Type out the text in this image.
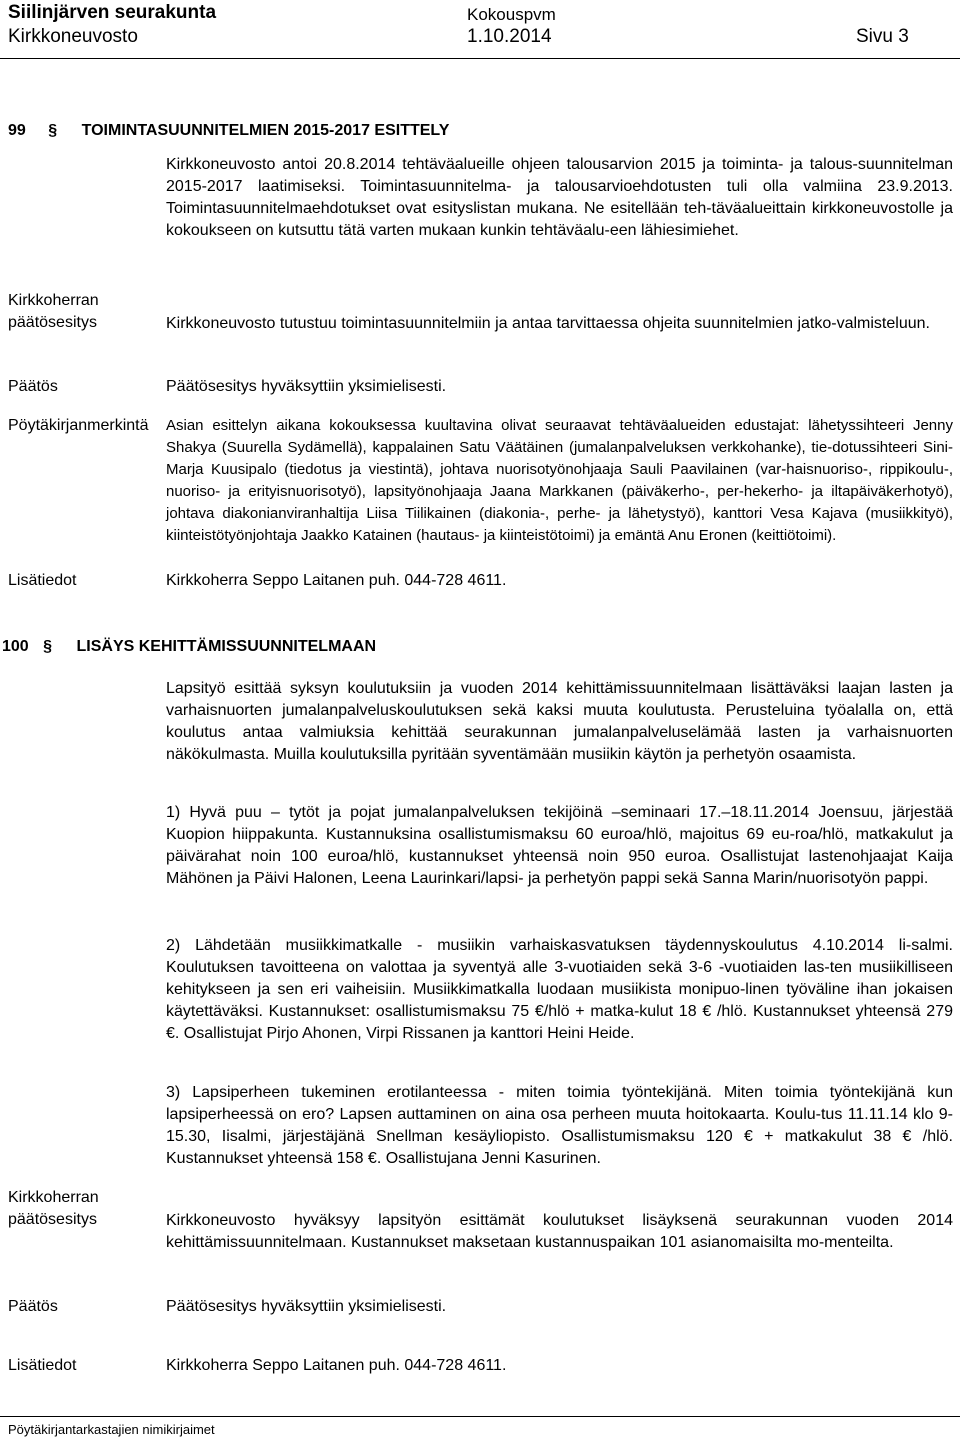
Siilinjärven seurakunta
Kirkkoneuvosto
Kokouspvm
1.10.2014	Sivu 3
99 § TOIMINTASUUNNITELMIEN 2015-2017 ESITTELY
Kirkkoneuvosto antoi 20.8.2014 tehtäväalueille ohjeen talousarvion 2015 ja toiminta- ja talous-suunnitelman 2015-2017 laatimiseksi. Toimintasuunnitelma- ja talousarvioehdotusten tuli olla valmiina 23.9.2013. Toimintasuunnitelmaehdotukset ovat esityslistan mukana. Ne esitellään teh-täväalueittain kirkkoneuvostolle ja kokoukseen on kutsuttu tätä varten mukaan kunkin tehtäväalu-een lähiesimiehet.
Kirkkoherran
päätösesitys	Kirkkoneuvosto tutustuu toimintasuunnitelmiin ja antaa tarvittaessa ohjeita suunnitelmien jatko-valmisteluun.
Päätös	Päätösesitys hyväksyttiin yksimielisesti.
Pöytäkirjanmerkintä Asian esittelyn aikana kokouksessa kuultavina olivat seuraavat tehtäväalueiden edustajat: lähetyssihteeri Jenny Shakya (Suurella Sydämellä), kappalainen Satu Väätäinen (jumalanpalveluksen verkkohanke), tie-dotussihteeri Sini-Marja Kuusipalo (tiedotus ja viestintä), johtava nuorisotyönohjaaja Sauli Paavilainen (var-haisnuoriso-, rippikoulu-, nuoriso- ja erityisnuorisotyö), lapsityönohjaaja Jaana Markkanen (päiväkerho-, per-hekerho- ja iltapäiväkerhotyö), johtava diakonianviranhaltija Liisa Tiilikainen (diakonia-, perhe- ja lähetystyö), kanttori Vesa Kajava (musiikkityö), kiinteistötyönjohtaja Jaakko Katainen (hautaus- ja kiinteistötoimi) ja emäntä Anu Eronen (keittiötoimi).
Lisätiedot	Kirkkoherra Seppo Laitanen puh. 044-728 4611.
100 § LISÄYS KEHITTÄMISSUUNNITELMAAN
Lapsityö esittää syksyn koulutuksiin ja vuoden 2014 kehittämissuunnitelmaan lisättäväksi laajan lasten ja varhaisnuorten jumalanpalveluskoulutuksen sekä kaksi muuta koulutusta. Perusteluina työalalla on, että koulutus antaa valmiuksia kehittää seurakunnan jumalanpalveluselämää lasten ja varhaisnuorten näkökulmasta. Muilla koulutuksilla pyritään syventämään musiikin käytön ja perhetyön osaamista.
1) Hyvä puu – tytöt ja pojat jumalanpalveluksen tekijöinä –seminaari 17.–18.11.2014 Joensuu, järjestää Kuopion hiippakunta. Kustannuksina osallistumismaksu 60 euroa/hlö, majoitus 69 eu-roa/hlö, matkakulut ja päivärahat noin 100 euroa/hlö, kustannukset yhteensä noin 950 euroa. Osallistujat lastenohjaajat Kaija Mähönen ja Päivi Halonen, Leena Laurinkari/lapsi- ja perhetyön pappi sekä Sanna Marin/nuorisotyön pappi.
2) Lähdetään musiikkimatkalle - musiikin varhaiskasvatuksen täydennyskoulutus 4.10.2014 li-salmi. Koulutuksen tavoitteena on valottaa ja syventyä alle 3-vuotiaiden sekä 3-6 -vuotiaiden las-ten musiikilliseen kehitykseen ja sen eri vaiheisiin. Musiikkimatkalla luodaan musiikista monipuo-linen työväline ihan jokaisen käytettäväksi. Kustannukset: osallistumismaksu 75 €/hlö + matka-kulut 18 € /hlö. Kustannukset yhteensä 279 €. Osallistujat Pirjo Ahonen, Virpi Rissanen ja kanttori Heini Heide.
3) Lapsiperheen tukeminen erotilanteessa - miten toimia työntekijänä. Miten toimia työntekijänä kun lapsiperheessä on ero? Lapsen auttaminen on aina osa perheen muuta hoitokaarta. Koulu-tus 11.11.14 klo 9-15.30, Iisalmi, järjestäjänä Snellman kesäyliopisto. Osallistumismaksu 120 € + matkakulut 38 € /hlö. Kustannukset yhteensä 158 €. Osallistujana Jenni Kasurinen.
Kirkkoherran
päätösesitys	Kirkkoneuvosto hyväksyy lapsityön esittämät koulutukset lisäyksenä seurakunnan vuoden 2014 kehittämissuunnitelmaan. Kustannukset maksetaan kustannuspaikan 101 asianomaisilta mo-menteilta.
Päätös	Päätösesitys hyväksyttiin yksimielisesti.
Lisätiedot	Kirkkoherra Seppo Laitanen puh. 044-728 4611.
Pöytäkirjantarkastajien nimikirjaimet
